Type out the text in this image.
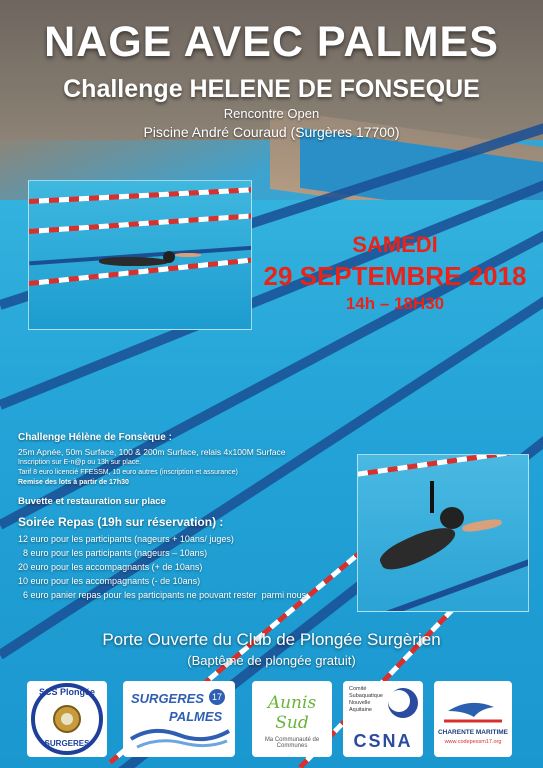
NAGE AVEC PALMES
Challenge HELENE DE FONSEQUE
Rencontre Open
Piscine André Couraud (Surgères 17700)
SAMEDI
29 SEPTEMBRE 2018
14h – 18H30
Challenge Hélène de Fonsèque :
25m Apnée, 50m Surface, 100 & 200m Surface, relais 4x100M Surface
Inscription sur E-n@p ou 13h sur place.
Tarif 8 euro licencié FFESSM, 10 euro autres (inscription et assurance)
Remise des lots à partir de 17h30
Buvette et restauration sur place
Soirée Repas (19h sur réservation) :
12 euro pour les participants (nageurs + 10ans/ juges)
8 euro pour les participants (nageurs – 10ans)
20 euro pour les accompagnants (+ de 10ans)
10 euro pour les accompagnants (- de 10ans)
6 euro panier repas pour les participants ne pouvant rester  parmi nous
Porte Ouverte du Club de Plongée Surgèrien
(Baptême de plongée gratuit)
SCS Plongée
SURGERES
SURGERES 17
PALMES
Aunis Sud
Ma Communauté de Communes
Comité
Subaquatique
Nouvelle
Aquitaine
CSNA	CHARENTE MARITIME
www.codepessm17.org
